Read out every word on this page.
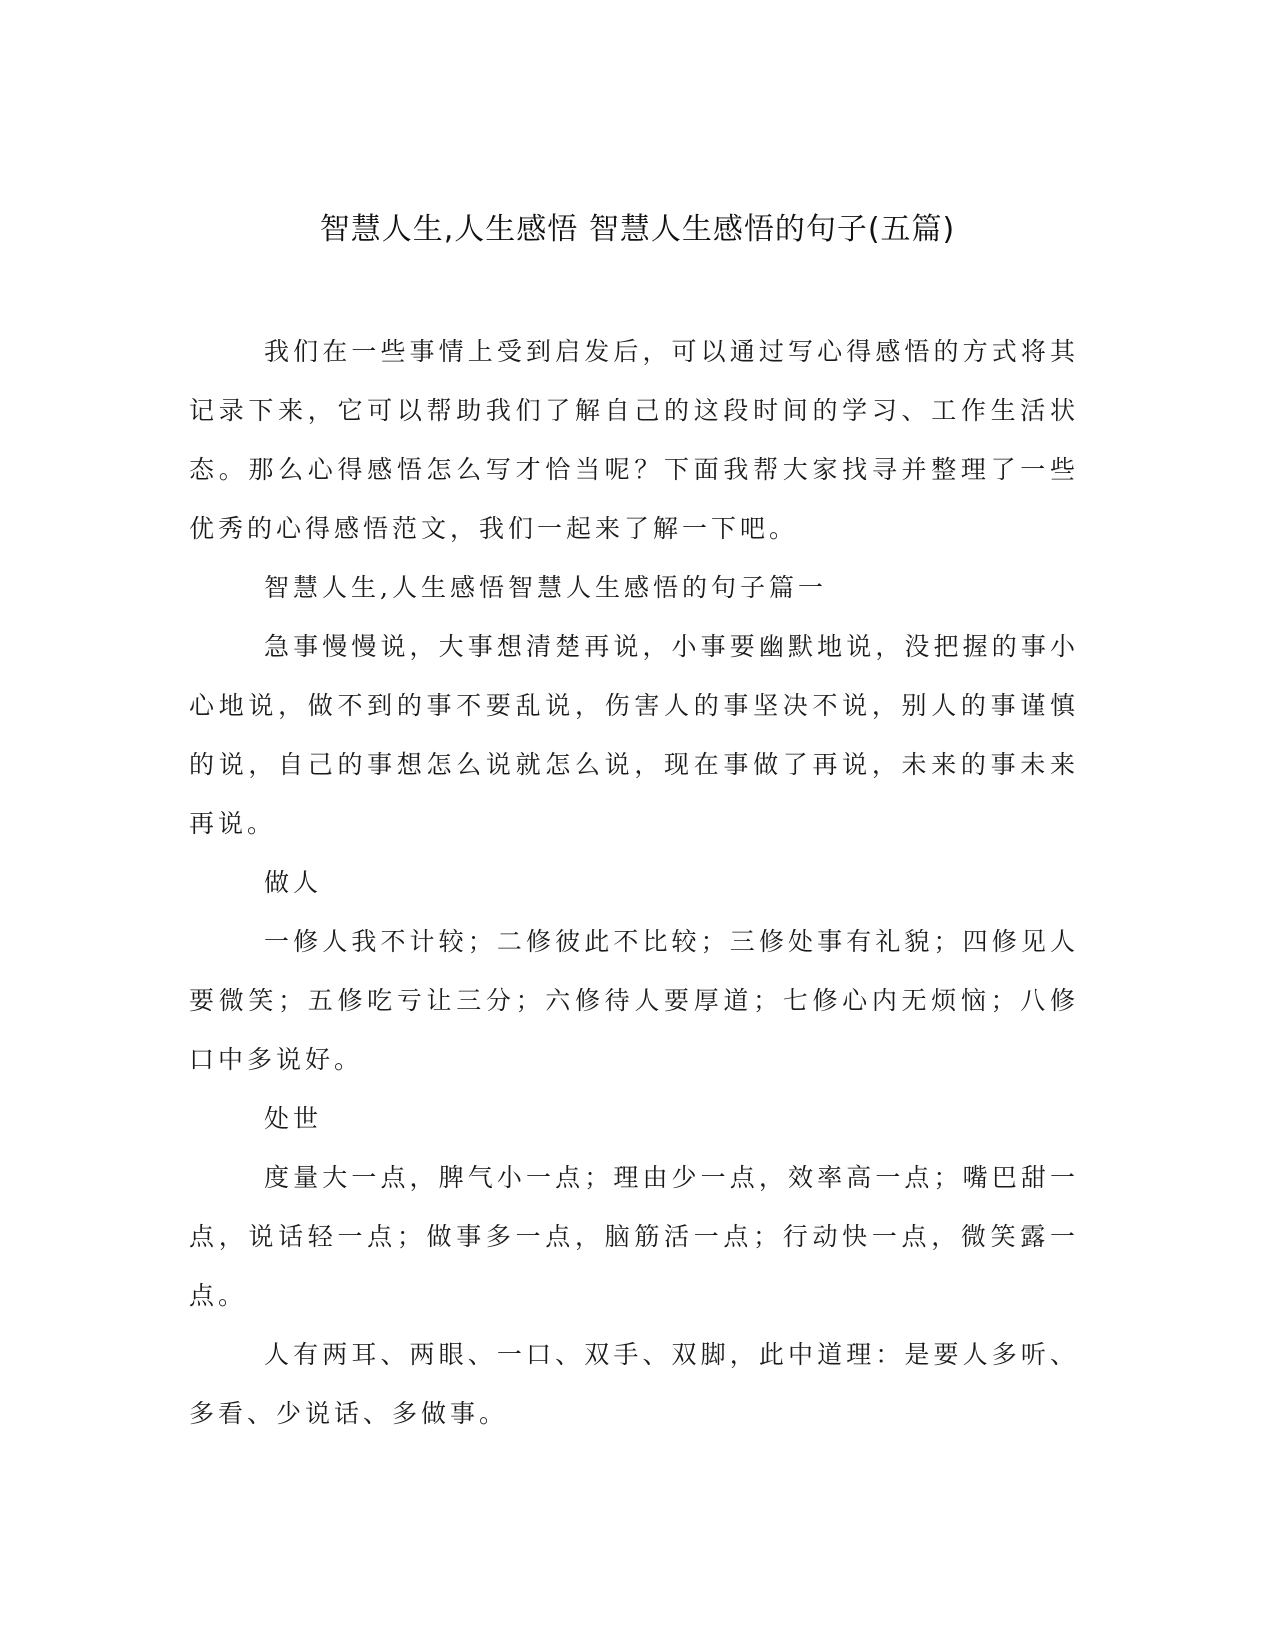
智慧人生,人生感悟 智慧人生感悟的句子(五篇)

我们在一些事情上受到启发后，可以通过写心得感悟的方式将其记录下来，它可以帮助我们了解自己的这段时间的学习、工作生活状态。那么心得感悟怎么写才恰当呢？下面我帮大家找寻并整理了一些优秀的心得感悟范文，我们一起来了解一下吧。

智慧人生,人生感悟智慧人生感悟的句子篇一

急事慢慢说，大事想清楚再说，小事要幽默地说，没把握的事小心地说，做不到的事不要乱说，伤害人的事坚决不说，别人的事谨慎的说，自己的事想怎么说就怎么说，现在事做了再说，未来的事未来再说。

做人

一修人我不计较；二修彼此不比较；三修处事有礼貌；四修见人要微笑；五修吃亏让三分；六修待人要厚道；七修心内无烦恼；八修口中多说好。

处世

度量大一点，脾气小一点；理由少一点，效率高一点；嘴巴甜一点，说话轻一点；做事多一点，脑筋活一点；行动快一点，微笑露一点。

人有两耳、两眼、一口、双手、双脚，此中道理：是要人多听、多看、少说话、多做事。
